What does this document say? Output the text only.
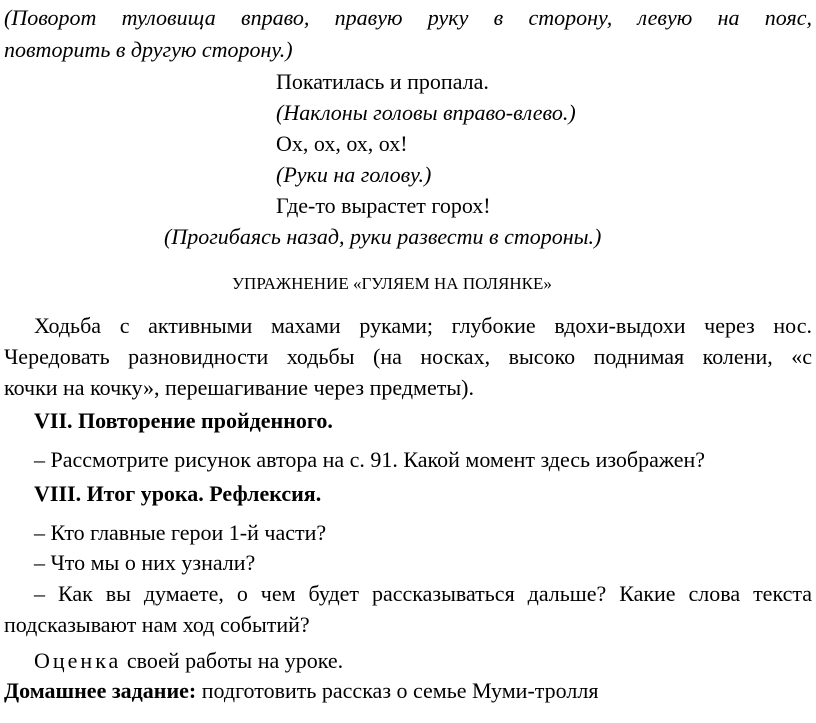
(Поворот туловища вправо, правую руку в сторону, левую на пояс,
повторить в другую сторону.)
Покатилась и пропала.
(Наклоны головы вправо-влево.)
Ох, ох, ох, ох!
(Руки на голову.)
Где-то вырастет горох!
(Прогибаясь назад, руки развести в стороны.)
УПРАЖНЕНИЕ «ГУЛЯЕМ НА ПОЛЯНКЕ»
Ходьба с активными махами руками; глубокие вдохи-выдохи через нос.
Чередовать разновидности ходьбы (на носках, высоко поднимая колени, «с
кочки на кочку», перешагивание через предметы).
VII. Повторение пройденного.
– Рассмотрите рисунок автора на с. 91. Какой момент здесь изображен?
VIII. Итог урока. Рефлексия.
– Кто главные герои 1-й части?
– Что мы о них узнали?
– Как вы думаете, о чем будет рассказываться дальше? Какие слова текста
подсказывают нам ход событий?
Оценка своей работы на уроке.
Домашнее задание: подготовить рассказ о семье Муми-тролля
